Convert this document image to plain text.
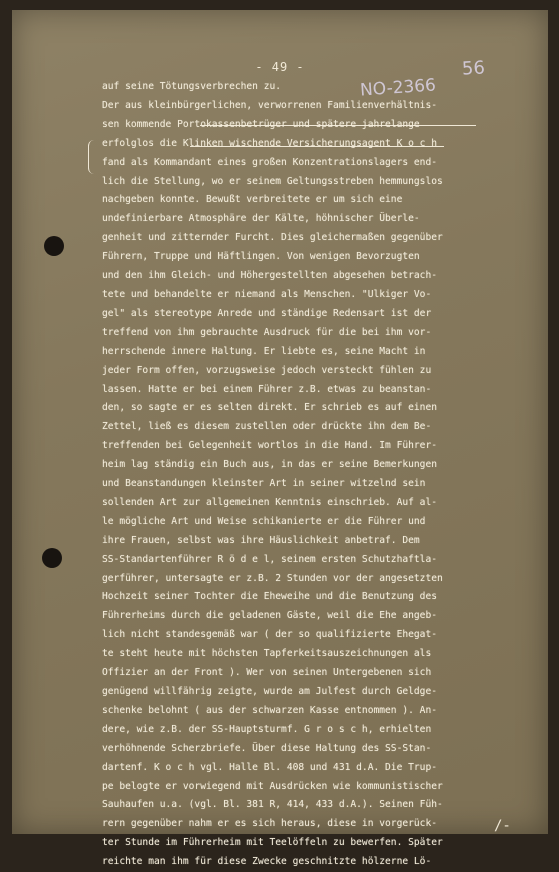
- 49 -
NO-2366
56

auf seine Tötungsverbrechen zu.

Der aus kleinbürgerlichen, verworrenen Familienverhältnis-

sen kommende Portokassenbetrüger und spätere jahrelange

erfolglos die Klinken wischende Versicherungsagent K o c h

fand als Kommandant eines großen Konzentrationslagers end-

lich die Stellung, wo er seinem Geltungsstreben hemmungslos

nachgeben konnte. Bewußt verbreitete er um sich eine

undefinierbare Atmosphäre der Kälte, höhnischer Überle-

genheit und zitternder Furcht. Dies gleichermaßen gegenüber

Führern, Truppe und Häftlingen. Von wenigen Bevorzugten

und den ihm Gleich- und Höhergestellten abgesehen betrach-

tete und behandelte er niemand als Menschen. "Ulkiger Vo-

gel" als stereotype Anrede und ständige Redensart ist der

treffend von ihm gebrauchte Ausdruck für die bei ihm vor-

herrschende innere Haltung. Er liebte es, seine Macht in

jeder Form offen, vorzugsweise jedoch versteckt fühlen zu

lassen. Hatte er bei einem Führer z.B. etwas zu beanstan-

den, so sagte er es selten direkt. Er schrieb es auf einen

Zettel, ließ es diesem zustellen oder drückte ihn dem Be-

treffenden bei Gelegenheit wortlos in die Hand. Im Führer-

heim lag ständig ein Buch aus, in das er seine Bemerkungen

und Beanstandungen kleinster Art in seiner witzelnd sein

sollenden Art zur allgemeinen Kenntnis einschrieb. Auf al-

le mögliche Art und Weise schikanierte er die Führer und

ihre Frauen, selbst was ihre Häuslichkeit anbetraf. Dem

SS-Standartenführer R ö d e l, seinem ersten Schutzhaftla-

gerführer, untersagte er z.B. 2 Stunden vor der angesetzten

Hochzeit seiner Tochter die Eheweihe und die Benutzung des

Führerheims durch die geladenen Gäste, weil die Ehe angeb-

lich nicht standesgemäß war ( der so qualifizierte Ehegat-

te steht heute mit höchsten Tapferkeitsauszeichnungen als

Offizier an der Front ). Wer von seinen Untergebenen sich

genügend willfährig zeigte, wurde am Julfest durch Geldge-

schenke belohnt ( aus der schwarzen Kasse entnommen ). An-

dere, wie z.B. der SS-Hauptsturmf. G r o s c h, erhielten

verhöhnende Scherzbriefe. Über diese Haltung des SS-Stan-

dartenf. K o c h vgl. Halle Bl. 408 und 431 d.A. Die Trup-

pe belogte er vorwiegend mit Ausdrücken wie kommunistischer

Sauhaufen u.a. (vgl. Bl. 381 R, 414, 433 d.A.). Seinen Füh-

rern gegenüber nahm er es sich heraus, diese in vorgerück-

ter Stunde im Führerheim mit Teelöffeln zu bewerfen. Später

reichte man ihm für diese Zwecke geschnitzte hölzerne Lö-

/-
